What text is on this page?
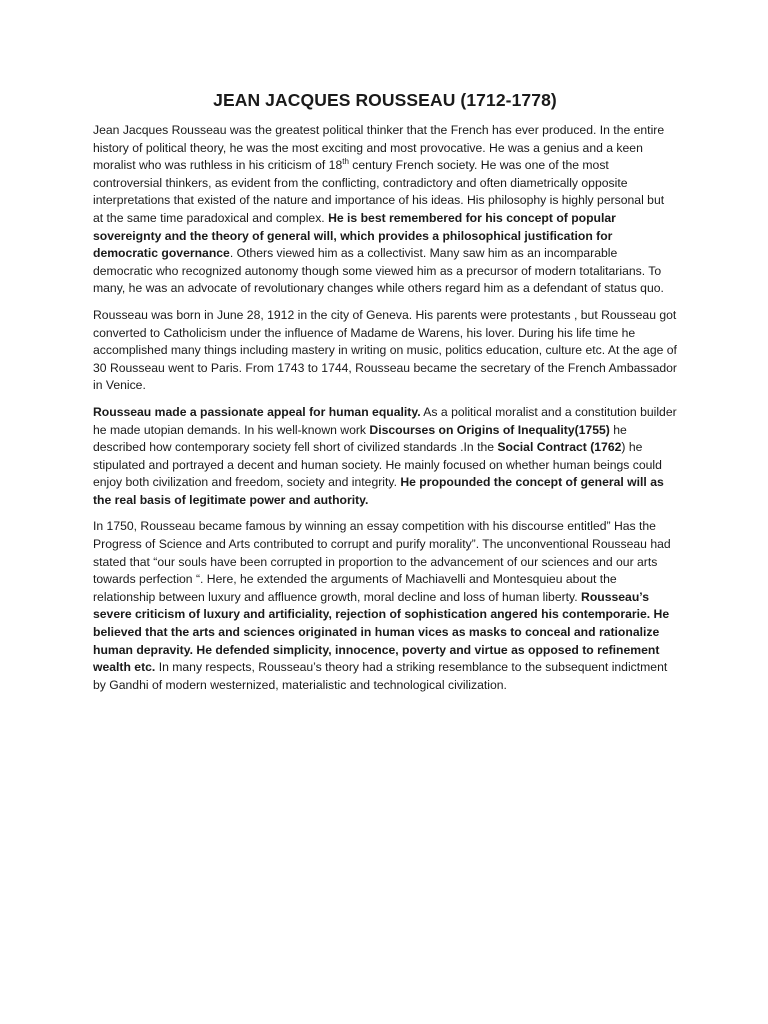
JEAN JACQUES ROUSSEAU (1712-1778)

Jean Jacques Rousseau was the greatest political thinker that the French has ever produced. In the entire history of political theory, he was the most exciting and most provocative. He was a genius and a keen moralist who was ruthless in his criticism of 18th century French society. He was one of the most controversial thinkers, as evident from the conflicting, contradictory and often diametrically opposite interpretations that existed of the nature and importance of his ideas. His philosophy is highly personal but at the same time paradoxical and complex. He is best remembered for his concept of popular sovereignty and the theory of general will, which provides a philosophical justification for democratic governance. Others viewed him as a collectivist. Many saw him as an incomparable democratic who recognized autonomy though some viewed him as a precursor of modern totalitarians. To many, he was an advocate of revolutionary changes while others regard him as a defendant of status quo.

Rousseau was born in June 28, 1912 in the city of Geneva. His parents were protestants , but Rousseau got converted to Catholicism under the influence of Madame de Warens, his lover. During his life time he accomplished many things including mastery in writing on music, politics education, culture etc. At the age of 30 Rousseau went to Paris. From 1743 to 1744, Rousseau became the secretary of the French Ambassador in Venice.

Rousseau made a passionate appeal for human equality. As a political moralist and a constitution builder he made utopian demands. In his well-known work Discourses on Origins of Inequality(1755) he described how contemporary society fell short of civilized standards .In the Social Contract (1762) he stipulated and portrayed a decent and human society. He mainly focused on whether human beings could enjoy both civilization and freedom, society and integrity. He propounded the concept of general will as the real basis of legitimate power and authority.

In 1750, Rousseau became famous by winning an essay competition with his discourse entitled” Has the Progress of Science and Arts contributed to corrupt and purify morality”. The unconventional Rousseau had stated that “our souls have been corrupted in proportion to the advancement of our sciences and our arts towards perfection “. Here, he extended the arguments of Machiavelli and Montesquieu about the relationship between luxury and affluence growth, moral decline and loss of human liberty. Rousseau’s severe criticism of luxury and artificiality, rejection of sophistication angered his contemporarie. He believed that the arts and sciences originated in human vices as masks to conceal and rationalize human depravity. He defended simplicity, innocence, poverty and virtue as opposed to refinement wealth etc. In many respects, Rousseau’s theory had a striking resemblance to the subsequent indictment by Gandhi of modern westernized, materialistic and technological civilization.
